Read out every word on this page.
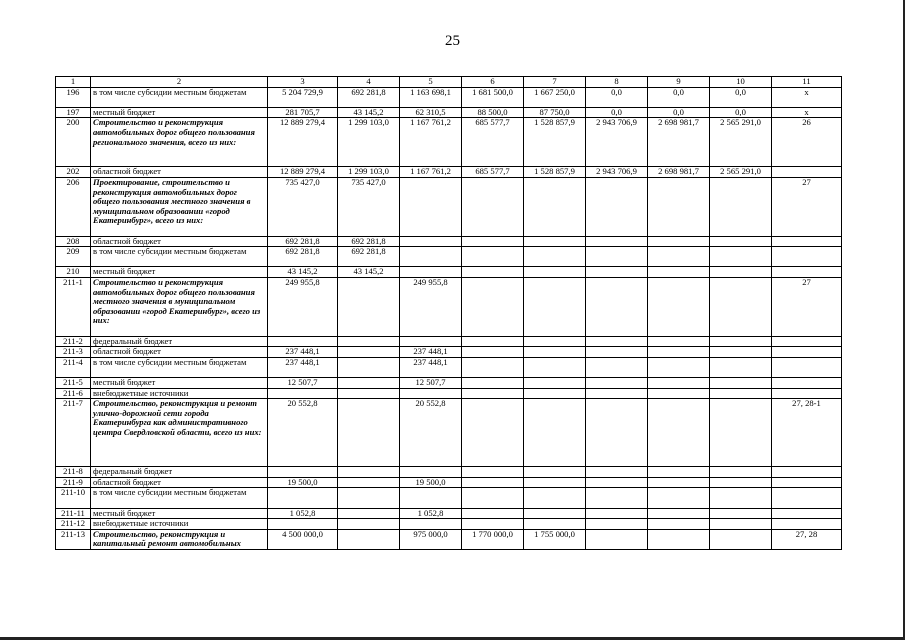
25
1	2	3	4	5	6	7	8	9	10	11
196	в том числе субсидии местным бюджетам	5 204 729,9	692 281,8	1 163 698,1	1 681 500,0	1 667 250,0	0,0	0,0	0,0	х
197	местный бюджет	281 705,7	43 145,2	62 310,5	88 500,0	87 750,0	0,0	0,0	0,0	х
200	Строительство и реконструкция автомобильных дорог общего пользования регионального значения, всего из них:	12 889 279,4	1 299 103,0	1 167 761,2	685 577,7	1 528 857,9	2 943 706,9	2 698 981,7	2 565 291,0	26
202	областной бюджет	12 889 279,4	1 299 103,0	1 167 761,2	685 577,7	1 528 857,9	2 943 706,9	2 698 981,7	2 565 291,0	
206	Проектирование, строительство и реконструкция автомобильных дорог общего пользования местного значения в муниципальном образовании «город Екатеринбург», всего из них:	735 427,0	735 427,0							27
208	областной бюджет	692 281,8	692 281,8							
209	в том числе субсидии местным бюджетам	692 281,8	692 281,8							
210	местный бюджет	43 145,2	43 145,2							
211-1	Строительство и реконструкция автомобильных дорог общего пользования местного значения в муниципальном образовании «город Екатеринбург», всего из них:	249 955,8		249 955,8						27
211-2	федеральный бюджет									
211-3	областной бюджет	237 448,1		237 448,1						
211-4	в том числе субсидии местным бюджетам	237 448,1		237 448,1						
211-5	местный бюджет	12 507,7		12 507,7						
211-6	внебюджетные источники									
211-7	Строительство, реконструкция и ремонт улично-дорожной сети города Екатеринбурга как административного центра Свердловской области, всего из них:	20 552,8		20 552,8						27, 28-1
211-8	федеральный бюджет									
211-9	областной бюджет	19 500,0		19 500,0						
211-10	в том числе субсидии местным бюджетам									
211-11	местный бюджет	1 052,8		1 052,8						
211-12	внебюджетные источники									
211-13	Строительство, реконструкция и капитальный ремонт автомобильных	4 500 000,0		975 000,0	1 770 000,0	1 755 000,0				27, 28
